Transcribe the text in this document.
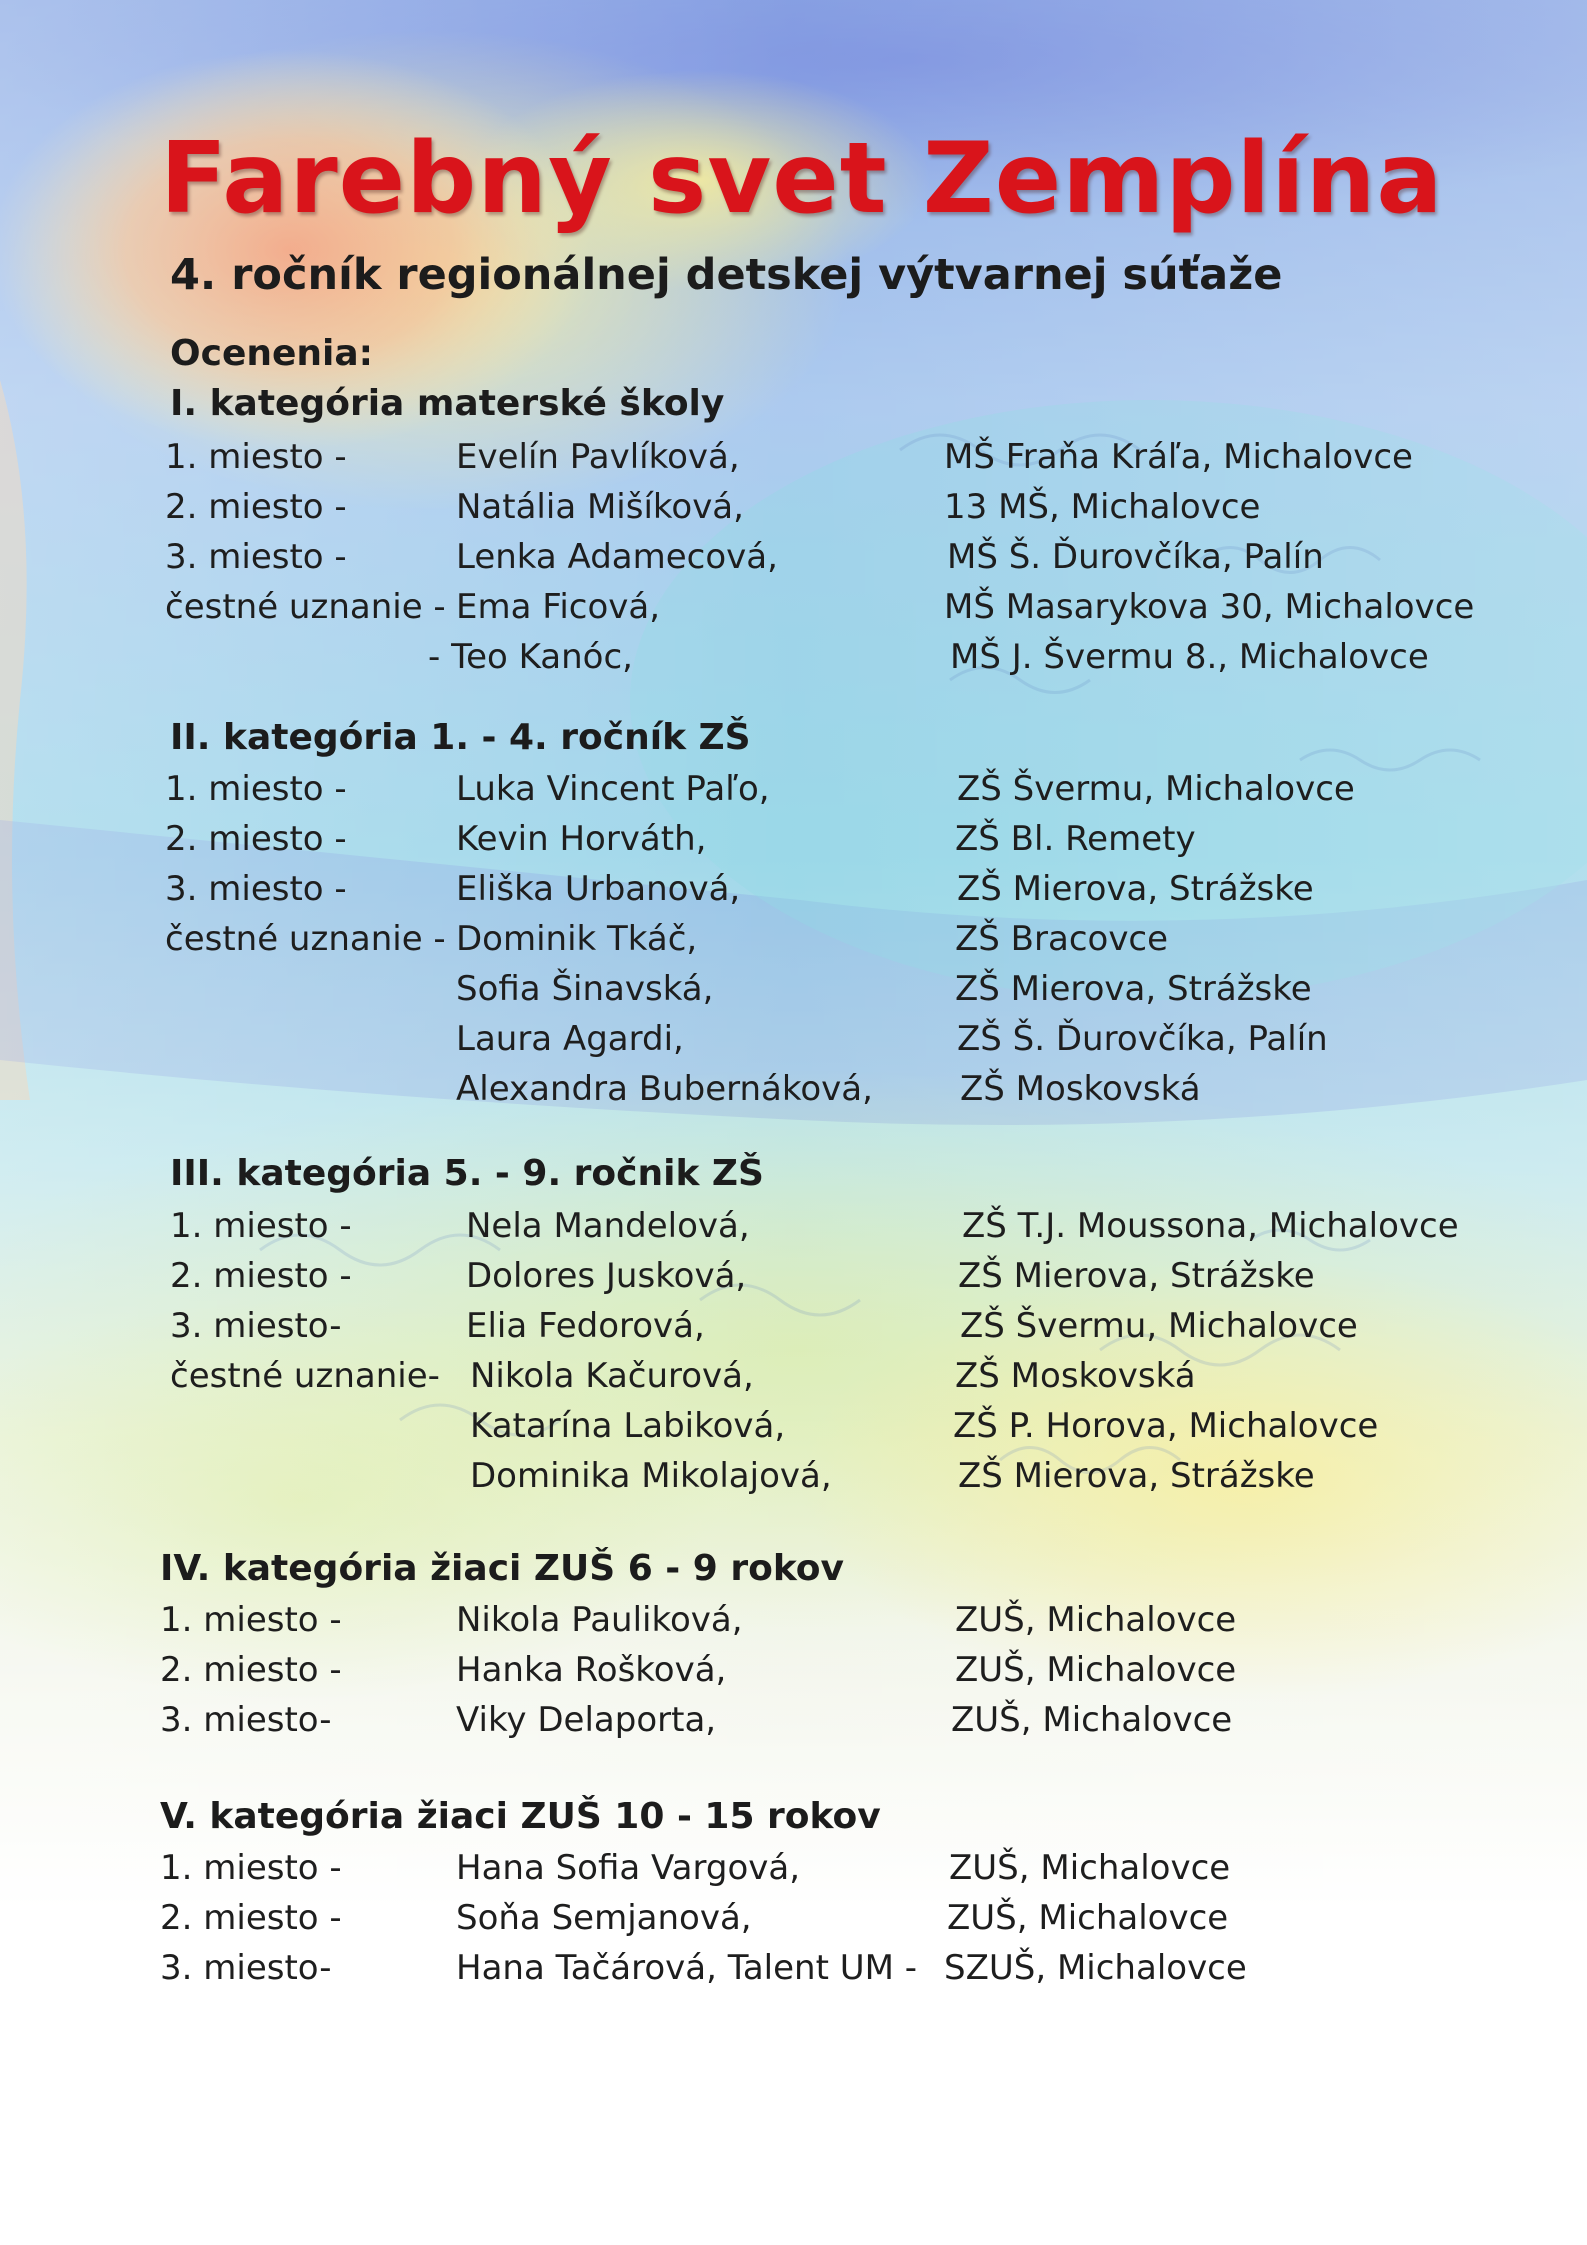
Farebný svet Zemplína
4. ročník regionálnej detskej výtvarnej súťaže
Ocenenia:
I. kategória materské školy
1. miesto -	Evelín Pavlíková,	MŠ Fraňa Kráľa, Michalovce
2. miesto -	Natália Mišíková,	13 MŠ, Michalovce
3. miesto -	Lenka Adamecová,	MŠ Š. Ďurovčíka, Palín
čestné uznanie - Ema Ficová,	MŠ Masarykova 30, Michalovce
- Teo Kanóc,	MŠ J. Švermu 8., Michalovce
II. kategória 1. - 4. ročník ZŠ
1. miesto -	Luka Vincent Paľo,	ZŠ Švermu, Michalovce
2. miesto -	Kevin Horváth,	ZŠ Bl. Remety
3. miesto -	Eliška Urbanová,	ZŠ Mierova, Strážske
čestné uznanie - Dominik Tkáč,	ZŠ Bracovce
Sofia Šinavská,	ZŠ Mierova, Strážske
Laura Agardi,	ZŠ Š. Ďurovčíka, Palín
Alexandra Bubernáková,	ZŠ Moskovská
III. kategória 5. - 9. ročnik ZŠ
1. miesto -	Nela Mandelová,	ZŠ T.J. Moussona, Michalovce
2. miesto -	Dolores Jusková,	ZŠ Mierova, Strážske
3. miesto-	Elia Fedorová,	ZŠ Švermu, Michalovce
čestné uznanie- Nikola Kačurová,	ZŠ Moskovská
Katarína Labiková,	ZŠ P. Horova, Michalovce
Dominika Mikolajová,	ZŠ Mierova, Strážske
IV. kategória žiaci ZUŠ 6 - 9 rokov
1. miesto -	Nikola Pauliková,	ZUŠ, Michalovce
2. miesto -	Hanka Rošková,	ZUŠ, Michalovce
3. miesto-	Viky Delaporta,	ZUŠ, Michalovce
V. kategória žiaci ZUŠ 10 - 15 rokov
1. miesto -	Hana Sofia Vargová,	ZUŠ, Michalovce
2. miesto -	Soňa Semjanová,	ZUŠ, Michalovce
3. miesto-	Hana Tačárová, Talent UM - SZUŠ, Michalovce
